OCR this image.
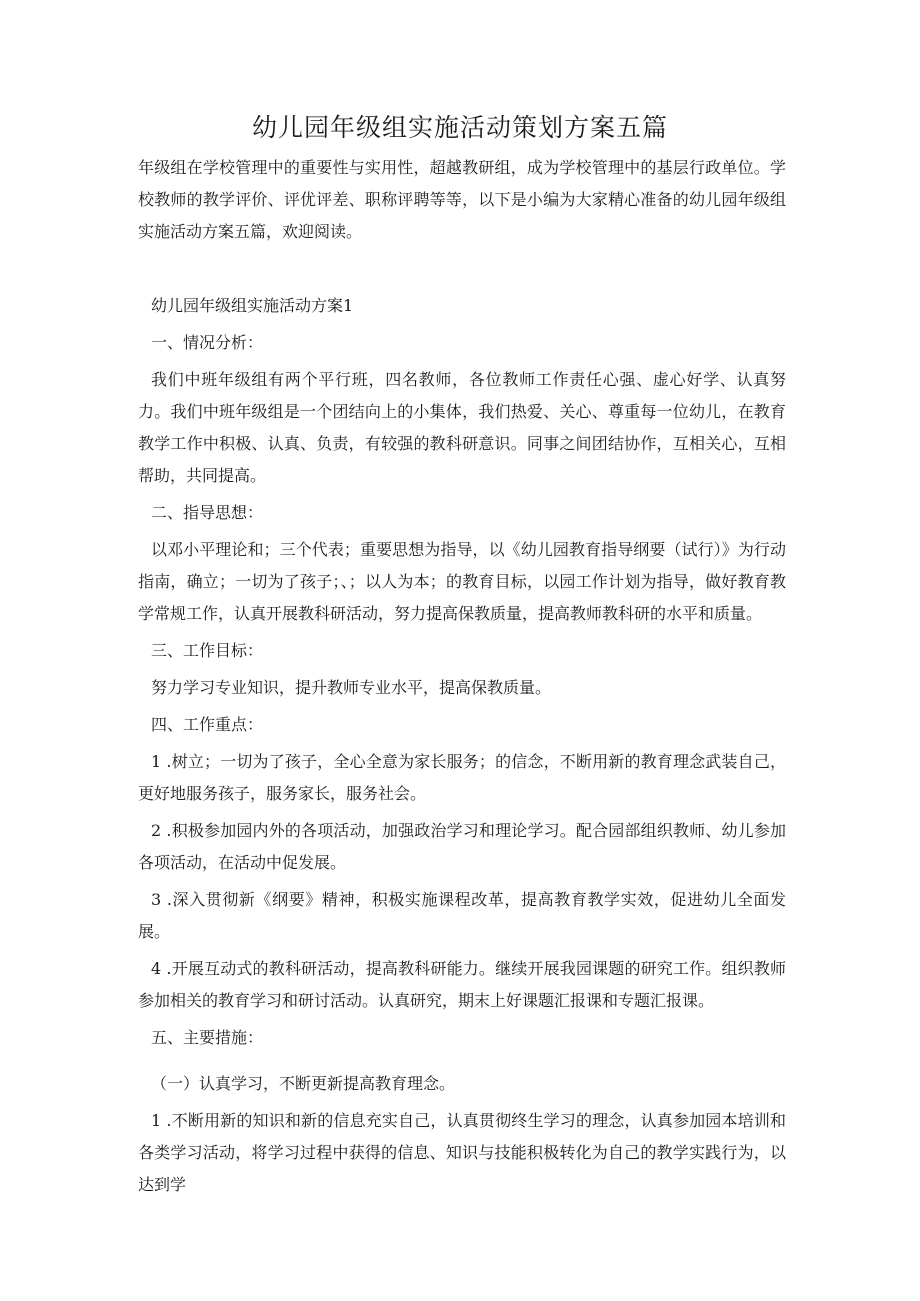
幼儿园年级组实施活动策划方案五篇

年级组在学校管理中的重要性与实用性，超越教研组，成为学校管理中的基层行政单位。学校教师的教学评价、评优评差、职称评聘等等，以下是小编为大家精心准备的幼儿园年级组实施活动方案五篇，欢迎阅读。

幼儿园年级组实施活动方案1

一、情况分析：

我们中班年级组有两个平行班，四名教师，各位教师工作责任心强、虚心好学、认真努力。我们中班年级组是一个团结向上的小集体，我们热爱、关心、尊重每一位幼儿，在教育教学工作中积极、认真、负责，有较强的教科研意识。同事之间团结协作，互相关心，互相帮助，共同提高。

二、指导思想：

以邓小平理论和；三个代表；重要思想为指导，以《幼儿园教育指导纲要（试行）》为行动指南，确立；一切为了孩子；、；以人为本；的教育目标，以园工作计划为指导，做好教育教学常规工作，认真开展教科研活动，努力提高保教质量，提高教师教科研的水平和质量。

三、工作目标：

努力学习专业知识，提升教师专业水平，提高保教质量。

四、工作重点：

1 .树立；一切为了孩子，全心全意为家长服务；的信念，不断用新的教育理念武装自己，更好地服务孩子，服务家长，服务社会。

2 .积极参加园内外的各项活动，加强政治学习和理论学习。配合园部组织教师、幼儿参加各项活动，在活动中促发展。

3 .深入贯彻新《纲要》精神，积极实施课程改革，提高教育教学实效，促进幼儿全面发展。

4 .开展互动式的教科研活动，提高教科研能力。继续开展我园课题的研究工作。组织教师参加相关的教育学习和研讨活动。认真研究，期末上好课题汇报课和专题汇报课。

五、主要措施：

（一）认真学习，不断更新提高教育理念。

1 .不断用新的知识和新的信息充实自己，认真贯彻终生学习的理念，认真参加园本培训和各类学习活动，将学习过程中获得的信息、知识与技能积极转化为自己的教学实践行为，以达到学
